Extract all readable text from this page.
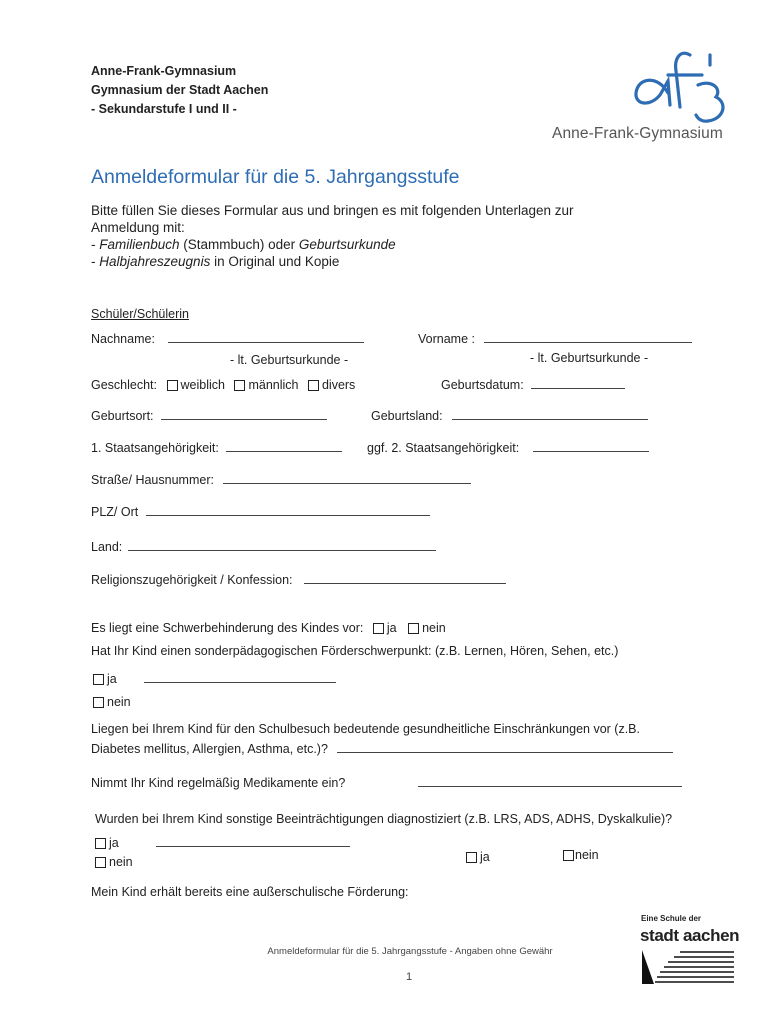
Anne-Frank-Gymnasium
Gymnasium der Stadt Aachen
- Sekundarstufe I und II -
Anne-Frank-Gymnasium
Anmeldeformular für die 5. Jahrgangsstufe
Bitte füllen Sie dieses Formular aus und bringen es mit folgenden Unterlagen zur
Anmeldung mit:
- Familienbuch (Stammbuch) oder Geburtsurkunde
- Halbjahreszeugnis in Original und Kopie
Schüler/Schülerin
Nachname:	Vorname :
- lt. Geburtsurkunde -	- lt. Geburtsurkunde -
Geschlecht: weiblich männlich divers	Geburtsdatum:
Geburtsort:	Geburtsland:
1. Staatsangehörigkeit:	ggf. 2. Staatsangehörigkeit:
Straße/ Hausnummer:
PLZ/ Ort
Land:
Religionszugehörigkeit / Konfession:
Es liegt eine Schwerbehinderung des Kindes vor: ja nein
Hat Ihr Kind einen sonderpädagogischen Förderschwerpunkt: (z.B. Lernen, Hören, Sehen, etc.)
ja
nein
Liegen bei Ihrem Kind für den Schulbesuch bedeutende gesundheitliche Einschränkungen vor (z.B.
Diabetes mellitus, Allergien, Asthma, etc.)?
Nimmt Ihr Kind regelmäßig Medikamente ein?
Wurden bei Ihrem Kind sonstige Beeinträchtigungen diagnostiziert (z.B. LRS, ADS, ADHS, Dyskalkulie)?
ja
nein	ja	nein
Mein Kind erhält bereits eine außerschulische Förderung:
Anmeldeformular für die 5. Jahrgangsstufe - Angaben ohne Gewähr
1
Eine Schule der
stadt aachen
